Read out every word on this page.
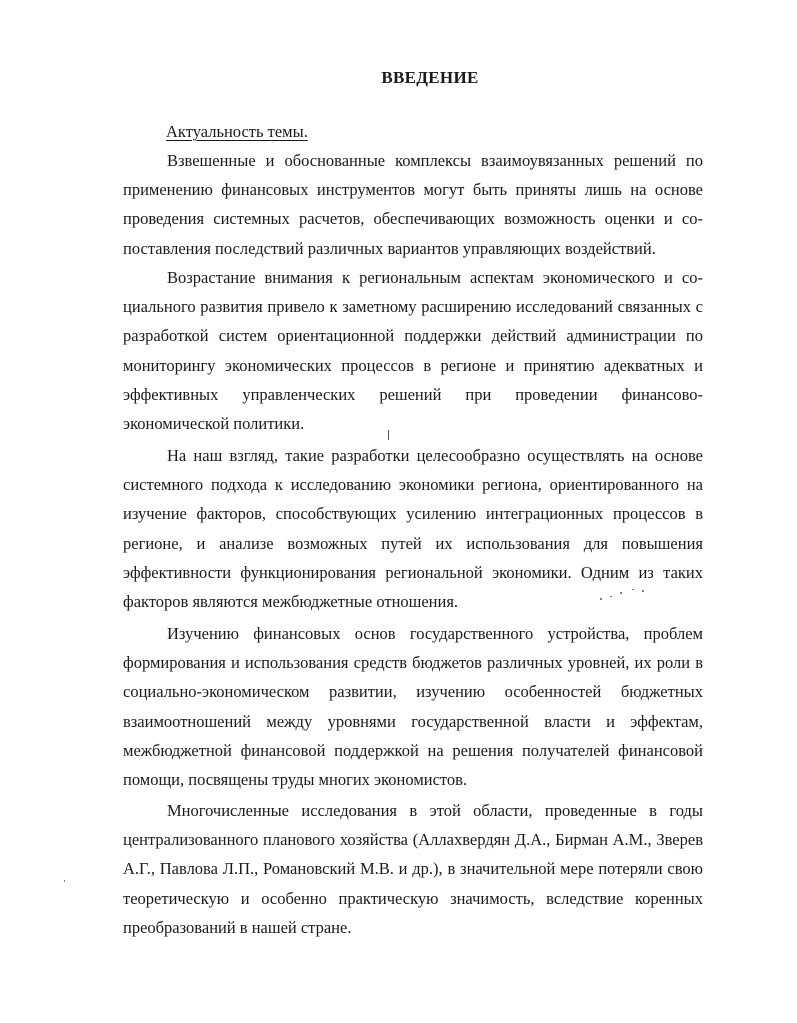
ВВЕДЕНИЕ
Актуальность темы.

Взвешенные и обоснованные комплексы взаимоувязанных решений по применению финансовых инструментов могут быть приняты лишь на основе проведения системных расчетов, обеспечивающих возможность оценки и сопоставления последствий различных вариантов управляющих воздействий.

Возрастание внимания к региональным аспектам экономического и социального развития привело к заметному расширению исследований связанных с разработкой систем ориентационной поддержки действий администрации по мониторингу экономических процессов в регионе и принятию адекватных и эффективных управленческих решений при проведении финансово-экономической политики.

На наш взгляд, такие разработки целесообразно осуществлять на основе системного подхода к исследованию экономики региона, ориентированного на изучение факторов, способствующих усилению интеграционных процессов в регионе, и анализе возможных путей их использования для повышения эффективности функционирования региональной экономики. Одним из таких факторов являются межбюджетные отношения.

Изучению финансовых основ государственного устройства, проблем формирования и использования средств бюджетов различных уровней, их роли в социально-экономическом развитии, изучению особенностей бюджетных взаимоотношений между уровнями государственной власти и эффектам, межбюджетной финансовой поддержкой на решения получателей финансовой помощи, посвящены труды многих экономистов.

Многочисленные исследования в этой области, проведенные в годы централизованного планового хозяйства (Аллахвердян Д.А., Бирман А.М., Зверев А.Г., Павлова Л.П., Романовский М.В. и др.), в значительной мере потеряли свою теоретическую и особенно практическую значимость, вследствие коренных преобразований в нашей стране.
